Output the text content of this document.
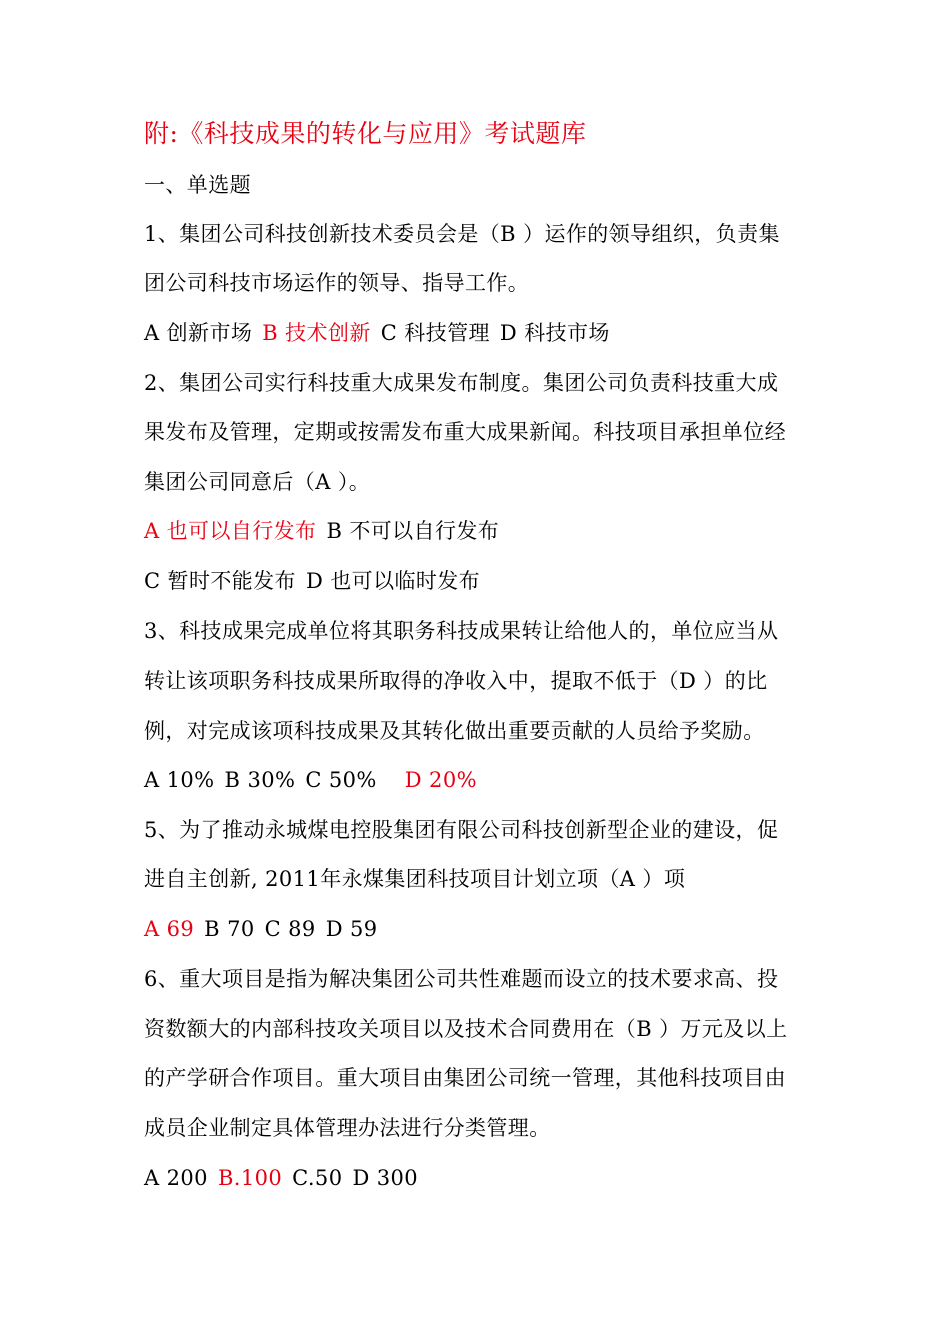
附:《科技成果的转化与应用》考试题库
一、单选题
1、集团公司科技创新技术委员会是（B ）运作的领导组织，负责集
团公司科技市场运作的领导、指导工作。
A 创新市场 B 技术创新 C 科技管理 D 科技市场
2、集团公司实行科技重大成果发布制度。集团公司负责科技重大成
果发布及管理，定期或按需发布重大成果新闻。科技项目承担单位经
集团公司同意后（A ）。
A 也可以自行发布 B 不可以自行发布
C 暂时不能发布 D 也可以临时发布
3、科技成果完成单位将其职务科技成果转让给他人的，单位应当从
转让该项职务科技成果所取得的净收入中，提取不低于（D ）的比
例，对完成该项科技成果及其转化做出重要贡献的人员给予奖励。
A 10% B 30% C 50% D 20%
5、为了推动永城煤电控股集团有限公司科技创新型企业的建设，促
进自主创新, 2011年永煤集团科技项目计划立项（A ）项
A 69 B 70 C 89 D 59
6、重大项目是指为解决集团公司共性难题而设立的技术要求高、投
资数额大的内部科技攻关项目以及技术合同费用在（B ）万元及以上
的产学研合作项目。重大项目由集团公司统一管理，其他科技项目由
成员企业制定具体管理办法进行分类管理。
A 200 B.100 C.50 D 300
